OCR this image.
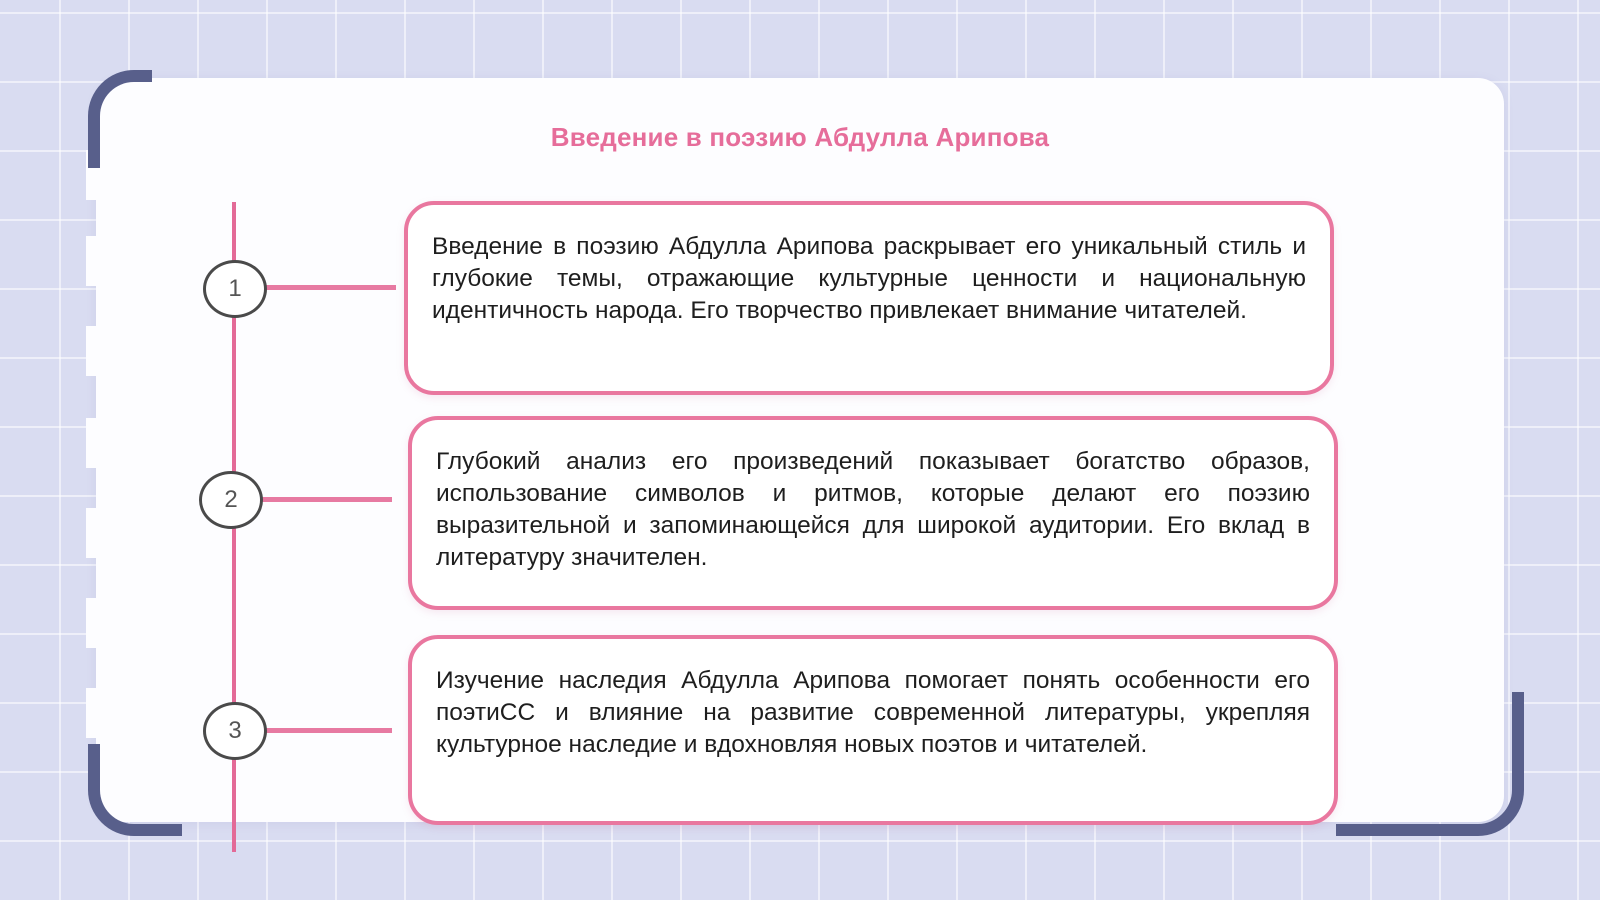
Введение в поэзию Абдулла Арипова
1
2
3

Введение в поэзию Абдулла Арипова раскрывает его уникальный стиль и глубокие темы, отражающие культурные ценности и национальную идентичность народа. Его творчество привлекает внимание читателей.

Глубокий анализ его произведений показывает богатство образов, использование символов и ритмов, которые делают его поэзию выразительной и запоминающейся для широкой аудитории. Его вклад в литературу значителен.

Изучение наследия Абдулла Арипова помогает понять особенности его поэтиСС и влияние на развитие современной литературы, укрепляя культурное наследие и вдохновляя новых поэтов и читателей.
